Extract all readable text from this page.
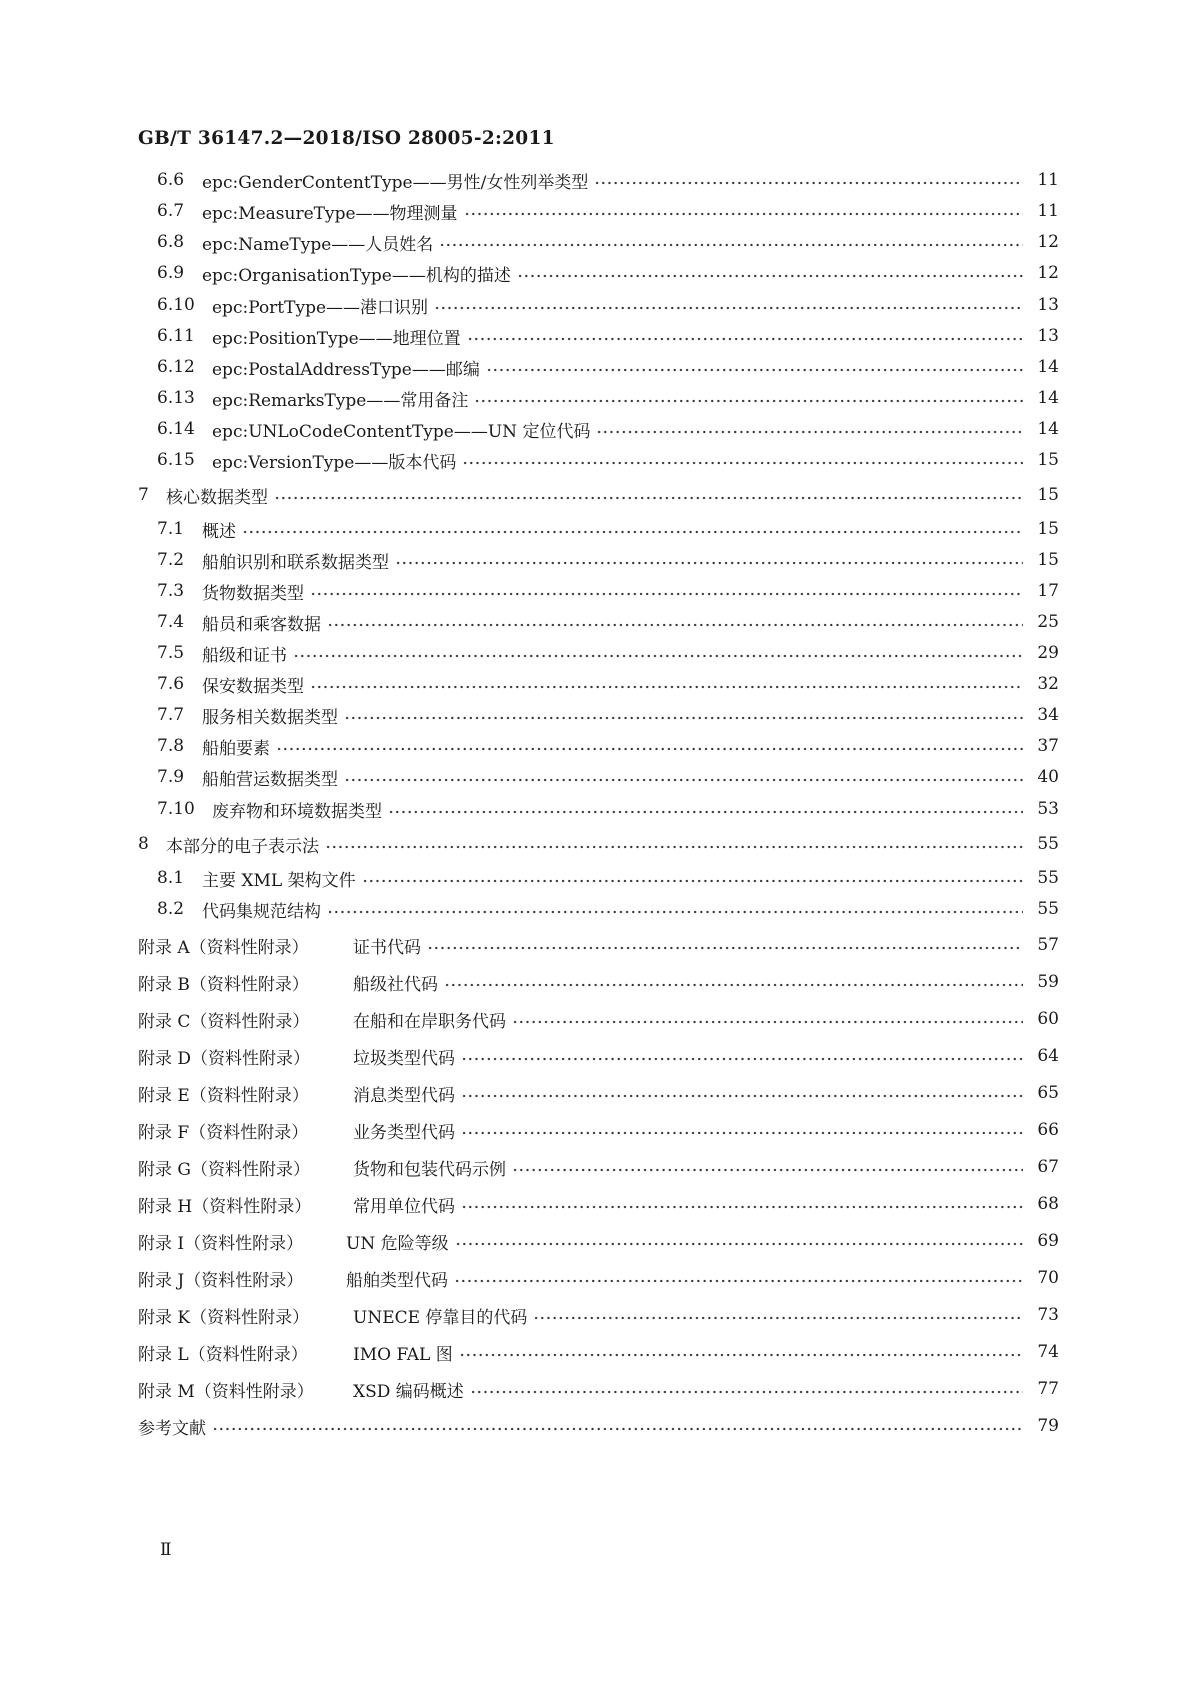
GB/T 36147.2—2018/ISO 28005-2:2011
6.6	epc:GenderContentType——男性/女性列举类型	11
6.7	epc:MeasureType——物理测量	11
6.8	epc:NameType——人员姓名	12
6.9	epc:OrganisationType——机构的描述	12
6.10	epc:PortType——港口识别	13
6.11	epc:PositionType——地理位置	13
6.12	epc:PostalAddressType——邮编	14
6.13	epc:RemarksType——常用备注	14
6.14	epc:UNLoCodeContentType——UN 定位代码	14
6.15	epc:VersionType——版本代码	15
7	核心数据类型	15
7.1	概述	15
7.2	船舶识别和联系数据类型	15
7.3	货物数据类型	17
7.4	船员和乘客数据	25
7.5	船级和证书	29
7.6	保安数据类型	32
7.7	服务相关数据类型	34
7.8	船舶要素	37
7.9	船舶营运数据类型	40
7.10	废弃物和环境数据类型	53
8	本部分的电子表示法	55
8.1	主要 XML 架构文件	55
8.2	代码集规范结构	55
附录 A（资料性附录）	证书代码	57
附录 B（资料性附录）	船级社代码	59
附录 C（资料性附录）	在船和在岸职务代码	60
附录 D（资料性附录）	垃圾类型代码	64
附录 E（资料性附录）	消息类型代码	65
附录 F（资料性附录）	业务类型代码	66
附录 G（资料性附录）	货物和包装代码示例	67
附录 H（资料性附录）	常用单位代码	68
附录 I（资料性附录）	UN 危险等级	69
附录 J（资料性附录）	船舶类型代码	70
附录 K（资料性附录）	UNECE 停靠目的代码	73
附录 L（资料性附录）	IMO FAL 图	74
附录 M（资料性附录）	XSD 编码概述	77
参考文献	79
Ⅱ
